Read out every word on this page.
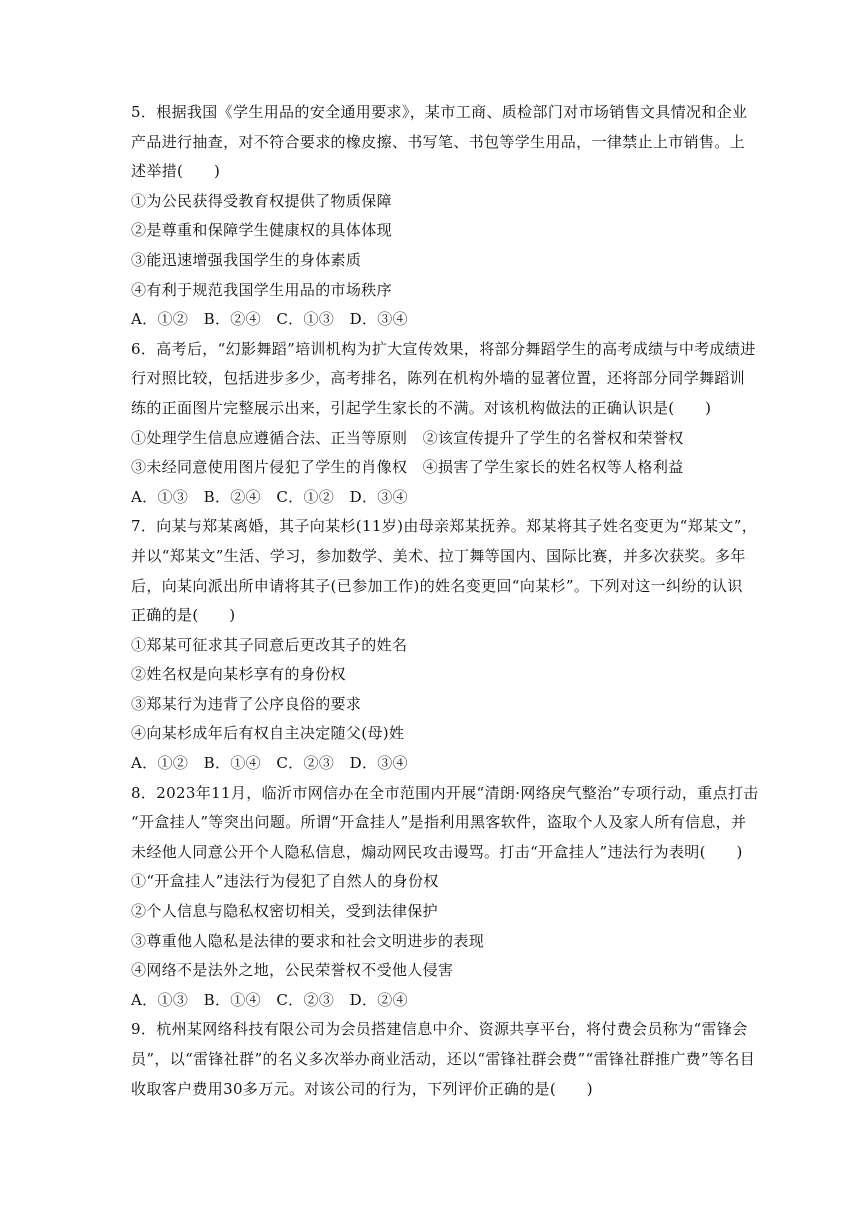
5．根据我国《学生用品的安全通用要求》，某市工商、质检部门对市场销售文具情况和企业
产品进行抽查，对不符合要求的橡皮擦、书写笔、书包等学生用品，一律禁止上市销售。上
述举措(　　)
①为公民获得受教育权提供了物质保障
②是尊重和保障学生健康权的具体体现
③能迅速增强我国学生的身体素质
④有利于规范我国学生用品的市场秩序
A．①②　B．②④　C．①③　D．③④
6．高考后，“幻影舞蹈”培训机构为扩大宣传效果，将部分舞蹈学生的高考成绩与中考成绩进
行对照比较，包括进步多少，高考排名，陈列在机构外墙的显著位置，还将部分同学舞蹈训
练的正面图片完整展示出来，引起学生家长的不满。对该机构做法的正确认识是(　　)
①处理学生信息应遵循合法、正当等原则　②该宣传提升了学生的名誉权和荣誉权
③未经同意使用图片侵犯了学生的肖像权　④损害了学生家长的姓名权等人格利益
A．①③　B．②④　C．①②　D．③④
7．向某与郑某离婚，其子向某杉(11岁)由母亲郑某抚养。郑某将其子姓名变更为“郑某文”，
并以“郑某文”生活、学习，参加数学、美术、拉丁舞等国内、国际比赛，并多次获奖。多年
后，向某向派出所申请将其子(已参加工作)的姓名变更回“向某杉”。下列对这一纠纷的认识
正确的是(　　)
①郑某可征求其子同意后更改其子的姓名
②姓名权是向某杉享有的身份权
③郑某行为违背了公序良俗的要求
④向某杉成年后有权自主决定随父(母)姓
A．①②　B．①④　C．②③　D．③④
8．2023年11月，临沂市网信办在全市范围内开展“清朗·网络戾气整治”专项行动，重点打击
“开盒挂人”等突出问题。所谓“开盒挂人”是指利用黑客软件，盗取个人及家人所有信息，并
未经他人同意公开个人隐私信息，煽动网民攻击谩骂。打击“开盒挂人”违法行为表明(　　)
①“开盒挂人”违法行为侵犯了自然人的身份权
②个人信息与隐私权密切相关，受到法律保护
③尊重他人隐私是法律的要求和社会文明进步的表现
④网络不是法外之地，公民荣誉权不受他人侵害
A．①③　B．①④　C．②③　D．②④
9．杭州某网络科技有限公司为会员搭建信息中介、资源共享平台，将付费会员称为“雷锋会
员”，以“雷锋社群”的名义多次举办商业活动，还以“雷锋社群会费”“雷锋社群推广费”等名目
收取客户费用30多万元。对该公司的行为，下列评价正确的是(　　)
